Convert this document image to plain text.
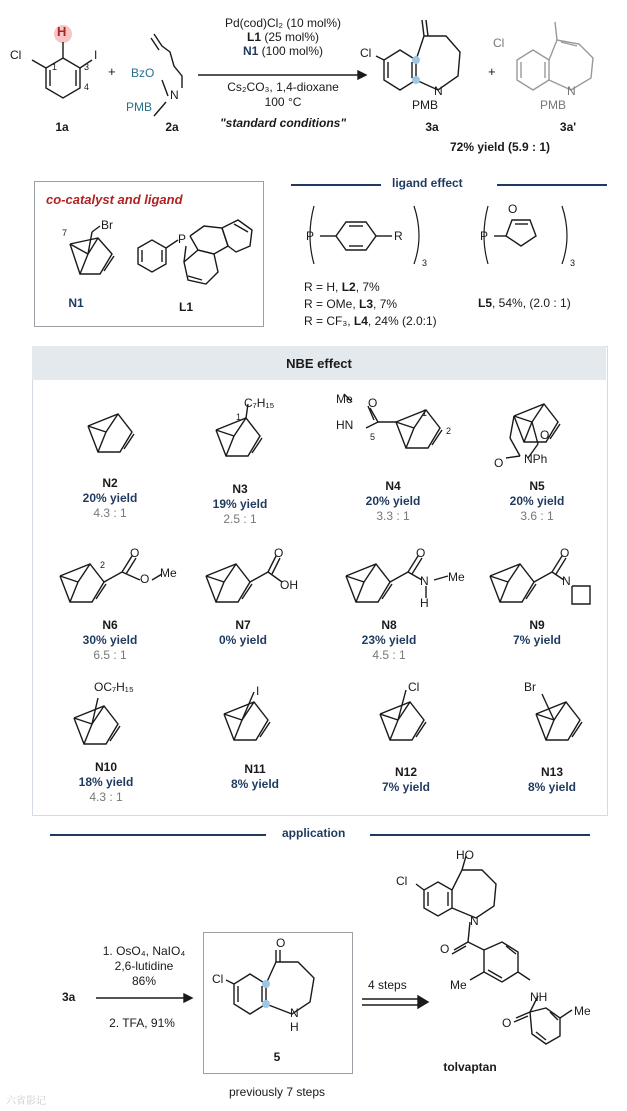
H
Cl	I
1	3
4
1a
+ BzO
N
PMB
2a
Pd(cod)Cl₂ (10 mol%)
L1 (25 mol%)
N1 (100 mol%)
Cs₂CO₃, 1,4-dioxane
100 °C
"standard conditions"
Cl
N
PMB
3a
+
Cl
N
PMB
3a'
72% yield (5.9 : 1)
co-catalyst and ligand
Br
7
N1
P
L1
ligand effect
P	R
3
R = H, L2, 7%
R = OMe, L3, 7%
R = CF₃, L4, 24% (2.0:1)
P
O
3
L5, 54%, (2.0 : 1)
NBE effect
C₇H₁₅
1
Me
HN
O
5
1
2	O
O NPh
2
O
O Me
O
OH
O
N Me
H
O
N
OC₇H₁₅	I	Cl	Br
N2
20% yield
4.3 : 1
N3
19% yield
2.5 : 1
N4
20% yield
3.3 : 1
N5
20% yield
3.6 : 1
N6
30% yield
6.5 : 1
N7
0% yield
N8
23% yield
4.5 : 1
N9
7% yield
N10
18% yield
4.3 : 1
N11
8% yield
N12
7% yield
N13
8% yield
application
3a
1. OsO₄, NaIO₄
2,6-lutidine
86%
2. TFA, 91%
O
Cl
N
H
5
previously 7 steps
4 steps
HO
Cl
N
O
Me
NH
O
Me
tolvaptan
六省影记
